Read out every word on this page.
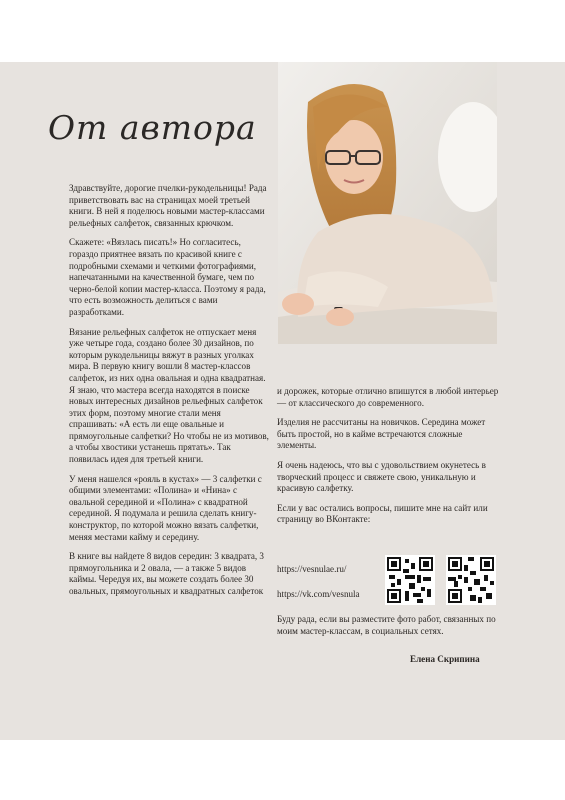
От автора

Здравствуйте, дорогие пчелки-рукодельницы! Рада приветствовать вас на страницах моей третьей книги. В ней я поделюсь новыми мастер-классами рельефных салфеток, связанных крючком.

Скажете: «Вязлась писать!» Но согласитесь, гораздо приятнее вязать по красивой книге с подробными схемами и четкими фотографиями, напечатанными на качественной бумаге, чем по черно-белой копии мастер-класса. Поэтому я рада, что есть возможность делиться с вами разработками.

Вязание рельефных салфеток не отпускает меня уже четыре года, создано более 30 дизайнов, по которым рукодельницы вяжут в разных уголках мира. В первую книгу вошли 8 мастер-классов салфеток, из них одна овальная и одна квадратная. Я знаю, что мастера всегда находятся в поиске новых интересных дизайнов рельефных салфеток этих форм, поэтому многие стали меня спрашивать: «А есть ли еще овальные и прямоугольные салфетки? Но чтобы не из мотивов, а чтобы хвостики устанешь прятать». Так появилась идея для третьей книги.

У меня нашелся «рояль в кустах» — 3 салфетки с общими элементами: «Полина» и «Нина» с овальной серединой и «Полина» с квадратной серединой. Я подумала и решила сделать книгу-конструктор, по которой можно вязать салфетки, меняя местами кайму и середину.

В книге вы найдете 8 видов середин: 3 квадрата, 3 прямоугольника и 2 овала, — а также 5 видов каймы. Чередуя их, вы можете создать более 30 овальных, прямоугольных и квадратных салфеток

и дорожек, которые отлично впишутся в любой интерьер — от классического до современного.

Изделия не рассчитаны на новичков. Середина может быть простой, но в кайме встречаются сложные элементы.

Я очень надеюсь, что вы с удовольствием окунетесь в творческий процесс и свяжете свою, уникальную и красивую салфетку.

Если у вас остались вопросы, пишите мне на сайт или страницу во ВКонтакте:

https://vesnulae.ru/
https://vk.com/vesnula
Буду рада, если вы разместите фото работ, связанных по моим мастер-классам, в социальных сетях.
Елена Скрипина
